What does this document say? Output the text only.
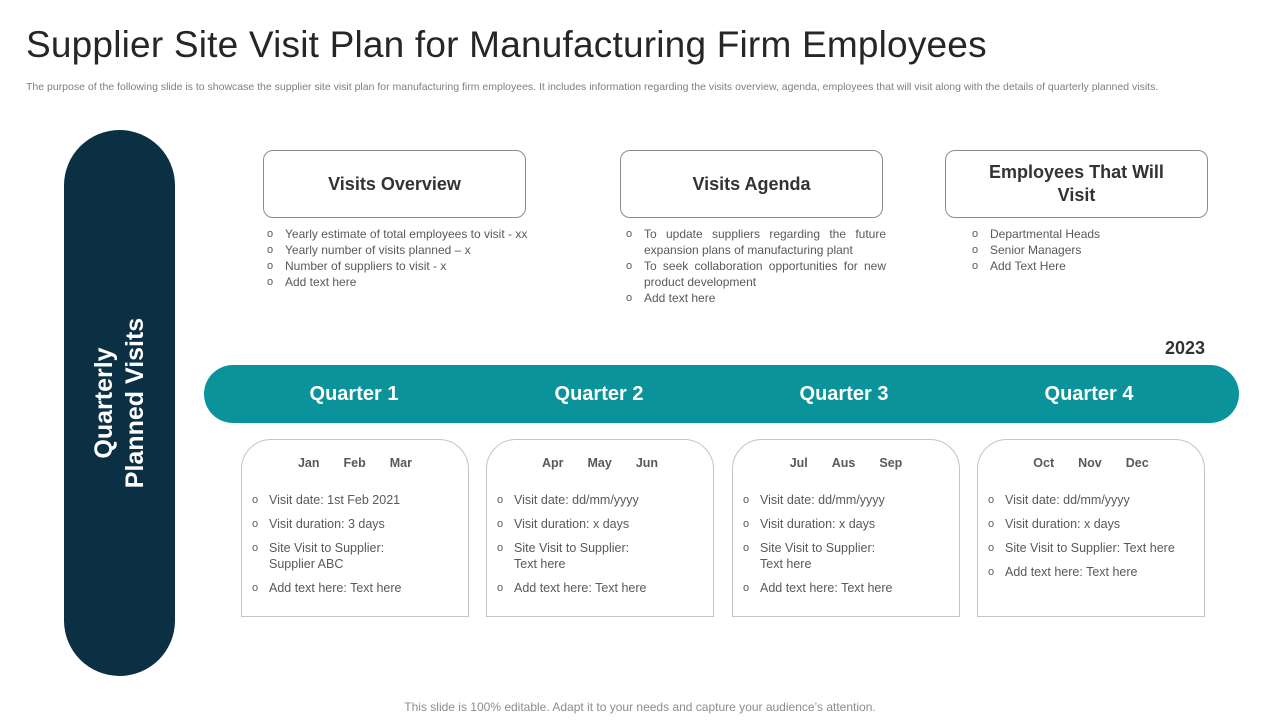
Supplier Site Visit Plan for Manufacturing Firm Employees
The purpose of the following slide is to showcase the supplier site visit plan for manufacturing firm employees. It includes information regarding the visits overview, agenda, employees that will visit along with the details of quarterly planned visits.
Quarterly Planned Visits
Visits Overview	Visits Agenda
Employees That Will Visit
o Yearly estimate of total employees to visit - xx
o Yearly number of visits planned – x
o Number of suppliers to visit - x
o Add text here
o To update suppliers regarding the future expansion plans of manufacturing plant
o To seek collaboration opportunities for new product development
o Add text here
o Departmental Heads
o Senior Managers
o Add Text Here
2023
Quarter 1	Quarter 2	Quarter 3	Quarter 4
Jan Feb Mar
o Visit date: 1st Feb 2021
o Visit duration: 3 days
o Site Visit to Supplier: Supplier ABC
o Add text here: Text here
Apr May Jun
o Visit date: dd/mm/yyyy
o Visit duration: x days
o Site Visit to Supplier: Text here
o Add text here: Text here
Jul Aus Sep
o Visit date: dd/mm/yyyy
o Visit duration: x days
o Site Visit to Supplier: Text here
o Add text here: Text here
Oct Nov Dec
o Visit date: dd/mm/yyyy
o Visit duration: x days
o Site Visit to Supplier: Text here
o Add text here: Text here
This slide is 100% editable. Adapt it to your needs and capture your audience’s attention.
